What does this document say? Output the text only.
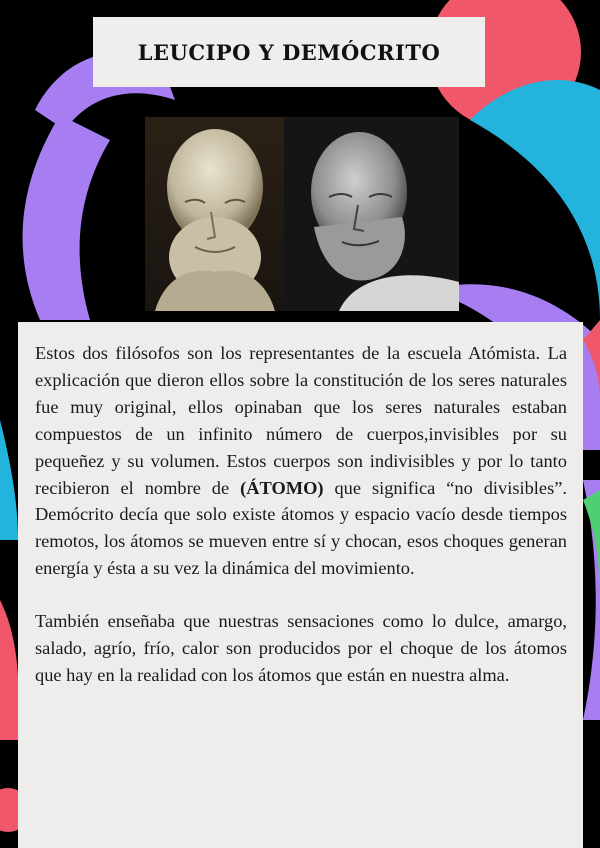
LEUCIPO Y DEMÓCRITO

Estos dos filósofos son los representantes de la escuela Atómista. La explicación que dieron ellos sobre la constitución de los seres naturales fue muy original, ellos opinaban que los seres naturales estaban compuestos de un infinito número de cuerpos,invisibles por su pequeñez y su volumen. Estos cuerpos son indivisibles y por lo tanto recibieron el nombre de (ÁTOMO) que significa “no divisibles”. Demócrito decía que solo existe átomos y espacio vacío desde tiempos remotos, los átomos se mueven entre sí y chocan, esos choques generan energía y ésta a su vez la dinámica del movimiento.

También enseñaba que nuestras sensaciones como lo dulce, amargo, salado, agrío, frío, calor son producidos por el choque de los átomos que hay en la realidad con los átomos que están en nuestra alma.
